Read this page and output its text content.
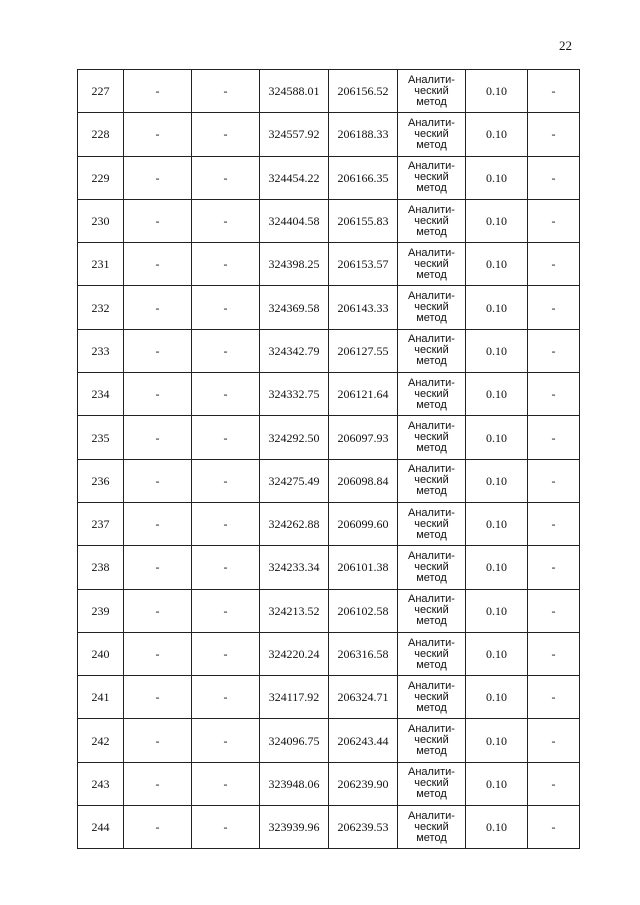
22
227	-	-	324588.01	206156.52	Аналити-
ческий
метод	0.10	-
228	-	-	324557.92	206188.33	Аналити-
ческий
метод	0.10	-
229	-	-	324454.22	206166.35	Аналити-
ческий
метод	0.10	-
230	-	-	324404.58	206155.83	Аналити-
ческий
метод	0.10	-
231	-	-	324398.25	206153.57	Аналити-
ческий
метод	0.10	-
232	-	-	324369.58	206143.33	Аналити-
ческий
метод	0.10	-
233	-	-	324342.79	206127.55	Аналити-
ческий
метод	0.10	-
234	-	-	324332.75	206121.64	Аналити-
ческий
метод	0.10	-
235	-	-	324292.50	206097.93	Аналити-
ческий
метод	0.10	-
236	-	-	324275.49	206098.84	Аналити-
ческий
метод	0.10	-
237	-	-	324262.88	206099.60	Аналити-
ческий
метод	0.10	-
238	-	-	324233.34	206101.38	Аналити-
ческий
метод	0.10	-
239	-	-	324213.52	206102.58	Аналити-
ческий
метод	0.10	-
240	-	-	324220.24	206316.58	Аналити-
ческий
метод	0.10	-
241	-	-	324117.92	206324.71	Аналити-
ческий
метод	0.10	-
242	-	-	324096.75	206243.44	Аналити-
ческий
метод	0.10	-
243	-	-	323948.06	206239.90	Аналити-
ческий
метод	0.10	-
244	-	-	323939.96	206239.53	Аналити-
ческий
метод	0.10	-
